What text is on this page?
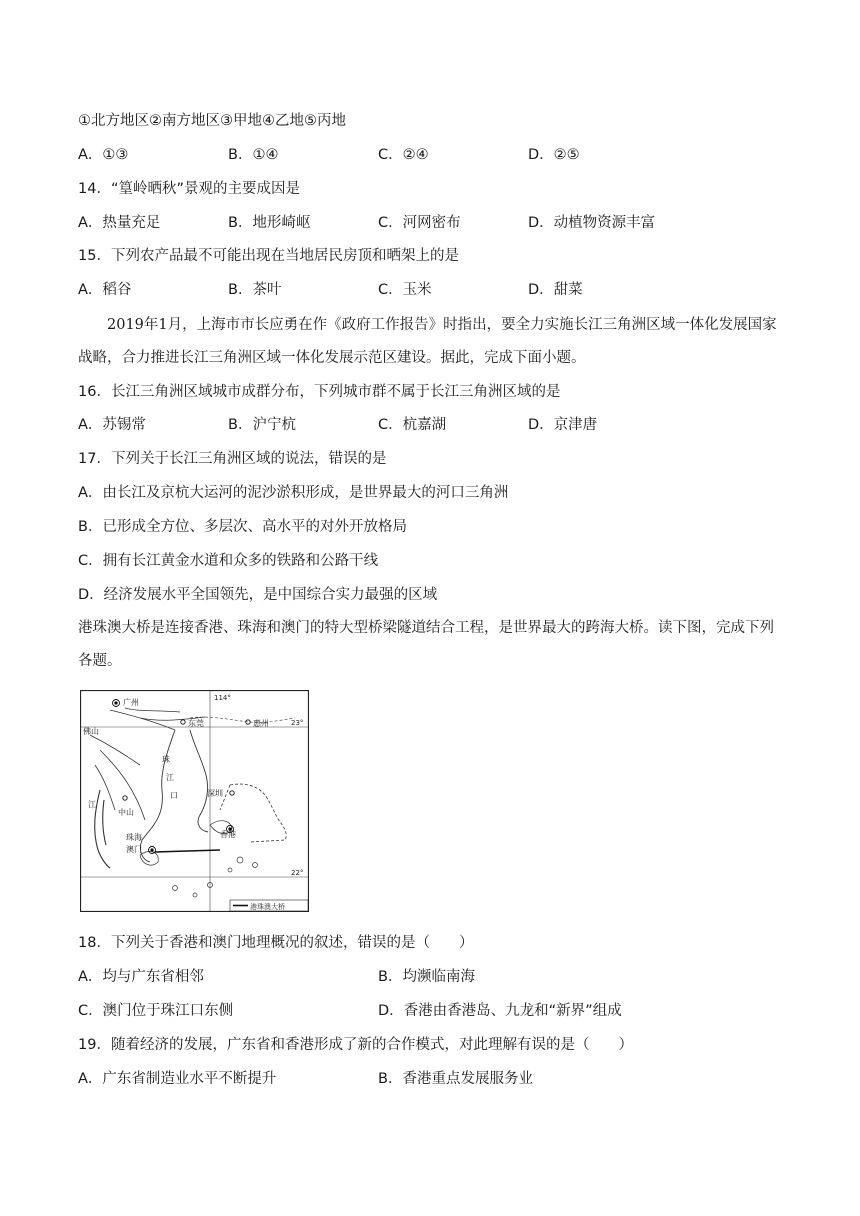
①北方地区②南方地区③甲地④乙地⑤丙地
A．①③	B．①④	C．②④	D．②⑤
14．“篁岭晒秋”景观的主要成因是
A．热量充足	B．地形崎岖	C．河网密布	D．动植物资源丰富
15．下列农产品最不可能出现在当地居民房顶和晒架上的是
A．稻谷	B．茶叶	C．玉米	D．甜菜
2019年1月，上海市市长应勇在作《政府工作报告》时指出，要全力实施长江三角洲区域一体化发展国家战略，合力推进长江三角洲区域一体化发展示范区建设。据此，完成下面小题。
16．长江三角洲区域城市成群分布，下列城市群不属于长江三角洲区域的是
A．苏锡常	B．沪宁杭	C．杭嘉湖	D．京津唐
17．下列关于长江三角洲区域的说法，错误的是
A．由长江及京杭大运河的泥沙淤积形成，是世界最大的河口三角洲
B．已形成全方位、多层次、高水平的对外开放格局
C．拥有长江黄金水道和众多的铁路和公路干线
D．经济发展水平全国领先，是中国综合实力最强的区域
港珠澳大桥是连接香港、珠海和澳门的特大型桥梁隧道结合工程，是世界最大的跨海大桥。读下图，完成下列各题。
广州
佛山
东莞	惠州
114°
23°
22°
珠
江
口
江
中山
深圳
珠海
澳门
香港
港珠澳大桥
18．下列关于香港和澳门地理概况的叙述，错误的是（　　）
A．均与广东省相邻	B．均濒临南海
C．澳门位于珠江口东侧	D．香港由香港岛、九龙和“新界”组成
19．随着经济的发展，广东省和香港形成了新的合作模式，对此理解有误的是（　　）
A．广东省制造业水平不断提升	B．香港重点发展服务业
